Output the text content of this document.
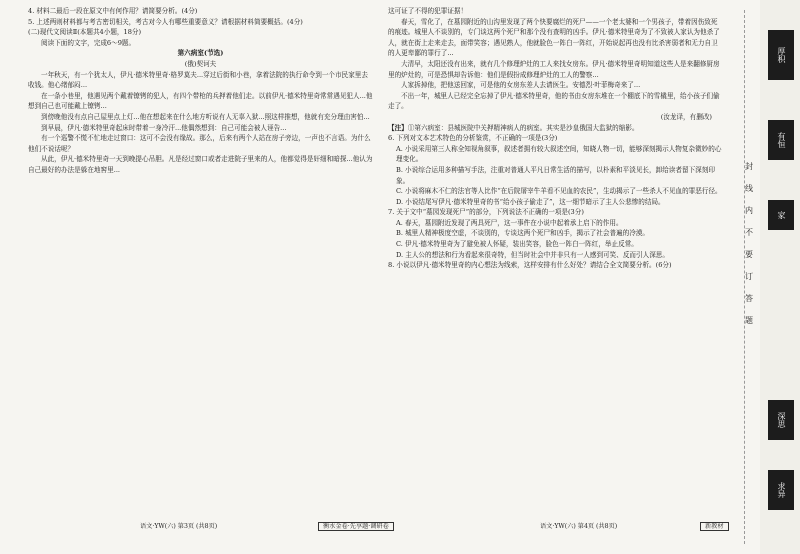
4. 材料二最后一段在原文中有何作用？请简要分析。(4分)

5. 上述两则材料都与考古密切相关，考古对今人有哪些重要意义？请根据材料简要概括。(4分)

(二)现代文阅读Ⅱ(本题共4小题，18分)

阅读下面的文字，完成6～9题。

第六病室(节选)

(俄)契诃夫

一年秋天，有一个犹太人，伊凡·德米特里奇·格罗莫夫...穿过后街和小巷，拿着法院的执行命令到一个市民家里去收钱。他心绪郁闷...

在一条小巷里，他遇见两个戴着镣铐的犯人，有四个带枪的兵押着他们走。以前伊凡·德米特里奇常常遇见犯人...他想到自己也可能戴上镣铐...

到傍晚他没有点自己屋里点上灯...他在想起来在什么地方听说有人无辜入狱...照这样推想，他就有充分理由害怕...

到早晨，伊凡·德米特里奇起床时带着一身冷汗...他偶然想到：自己可能会被人诬告...

有一个巡警不慌不忙地走过窗口：这可不会没有缘故。那么，后来有两个人站在房子旁边，一声也不言语。为什么他们不说话呢？

从此，伊凡·德米特里奇一天到晚提心吊胆。凡是经过窗口或者走进院子里来的人，他都觉得是奸细和暗探...他认为自己最好的办法是躲在地窖里...

这可证了不得的犯罪证据！

春天，雪化了，在墓园附近的山沟里发现了两个快要腐烂的死尸——一个老太婆和一个男孩子，带着因伤致死的痕迹。城里人不谈别的，专门谈这两个死尸和那个没有查明的凶手。伊凡·德米特里奇为了不致被人家认为他杀了人，就在街上走来走去，面带笑容；遇见熟人，他就脸色一阵白一阵红，开始说起再也没有比杀害弱者和无力自卫的人更卑鄙的罪行了...

大清早，太阳还没有出来，就有几个修理炉灶的工人来找女房东。伊凡·德米特里奇明知道这些人是来翻修厨房里的炉灶的，可是恐惧却告诉他：他们是假扮成修理炉灶的工人的警察...

人家拆掉他，把他送回家，可是他的女房东差人去请医生。安德烈·叶菲梅奇来了...

不出一年，城里人已经完全忘掉了伊凡·德米特里奇，他的书由女房东堆在一个棚底下的雪橇里，给小孩子们偷走了。

(汝龙译，有删改)

【注】①第六病室：县城医院中关押精神病人的病室。其实是沙皇俄国大监狱的缩影。

6. 下列对文本艺术特色的分析鉴赏，不正确的一项是(3分)

A. 小说采用第三人称全知视角叙事，叙述者拥有较大叙述空间，知晓人物一切，能够深刻揭示人物复杂微妙的心理变化。

B. 小说综合运用多种描写手法，注重对普通人平凡日常生活的描写，以朴素和平淡见长，卸给读者留下深刻印象。

C. 小说将麻木不仁的法官等人比作“在后院屠宰牛羊看不见血的农民”，生动揭示了一些杀人不见血的罪恶行径。

D. 小说结尾写伊凡·德米特里奇的书“给小孩子偷走了”，这一细节暗示了主人公悲惨的结局。

7. 关于文中“墓园发现死尸”的部分，下列说法不正确的一项是(3分)

A. 春天，墓园附近发现了两具死尸，这一事件在小说中起着承上启下的作用。

B. 城里人精神极度空虚，不谈别的，专谈这两个死尸和凶手，揭示了社会普遍的冷漠。

C. 伊凡·德米特里奇为了避免被人怀疑，装出笑容，脸色一阵白一阵红，举止反常。

D. 主人公的想法和行为看起来很奇特，但当时社会中并非只有一人感到可笑、反而引人深思。

8. 小说以伊凡·德米特里奇的内心想法为线索，这样安排有什么好处？请结合全文简要分析。(6分)

语文·YW(六) 第3页 (共8页)	衡水金卷·先享题·调研卷	语文·YW(六) 第4页 (共8页)	新教材
封
线
内
不
要
订
答
题
厚积
有恒
家
深思
求异
